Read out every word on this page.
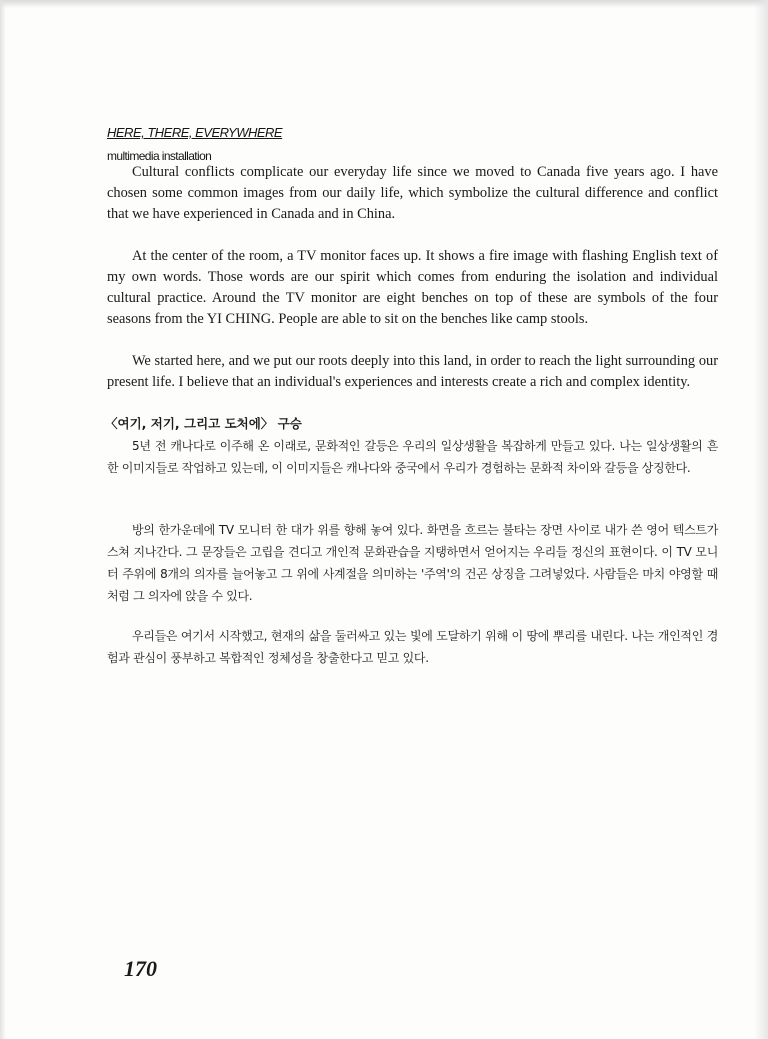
HERE, THERE, EVERYWHERE

multimedia installation

Cultural conflicts complicate our everyday life since we moved to Canada five years ago. I have chosen some common images from our daily life, which symbolize the cultural difference and conflict that we have experienced in Canada and in China.

At the center of the room, a TV monitor faces up. It shows a fire image with flashing English text of my own words. Those words are our spirit which comes from enduring the isolation and individual cultural practice. Around the TV monitor are eight benches on top of these are symbols of the four seasons from the YI CHING. People are able to sit on the benches like camp stools.

We started here, and we put our roots deeply into this land, in order to reach the light surrounding our present life. I believe that an individual's experiences and interests create a rich and complex identity.

〈여기, 저기, 그리고 도처에〉 구승

5년 전 캐나다로 이주해 온 이래로, 문화적인 갈등은 우리의 일상생활을 복잡하게 만들고 있다. 나는 일상생활의 흔한 이미지들로 작업하고 있는데, 이 이미지들은 캐나다와 중국에서 우리가 경험하는 문화적 차이와 갈등을 상징한다.

방의 한가운데에 TV 모니터 한 대가 위를 향해 놓여 있다. 화면을 흐르는 불타는 장면 사이로 내가 쓴 영어 텍스트가 스쳐 지나간다. 그 문장들은 고립을 견디고 개인적 문화관습을 지탱하면서 얻어지는 우리들 정신의 표현이다. 이 TV 모니터 주위에 8개의 의자를 늘어놓고 그 위에 사계절을 의미하는 '주역'의 건곤 상징을 그려넣었다. 사람들은 마치 야영할 때처럼 그 의자에 앉을 수 있다.

우리들은 여기서 시작했고, 현재의 삶을 둘러싸고 있는 빛에 도달하기 위해 이 땅에 뿌리를 내린다. 나는 개인적인 경험과 관심이 풍부하고 복합적인 정체성을 창출한다고 믿고 있다.

170
